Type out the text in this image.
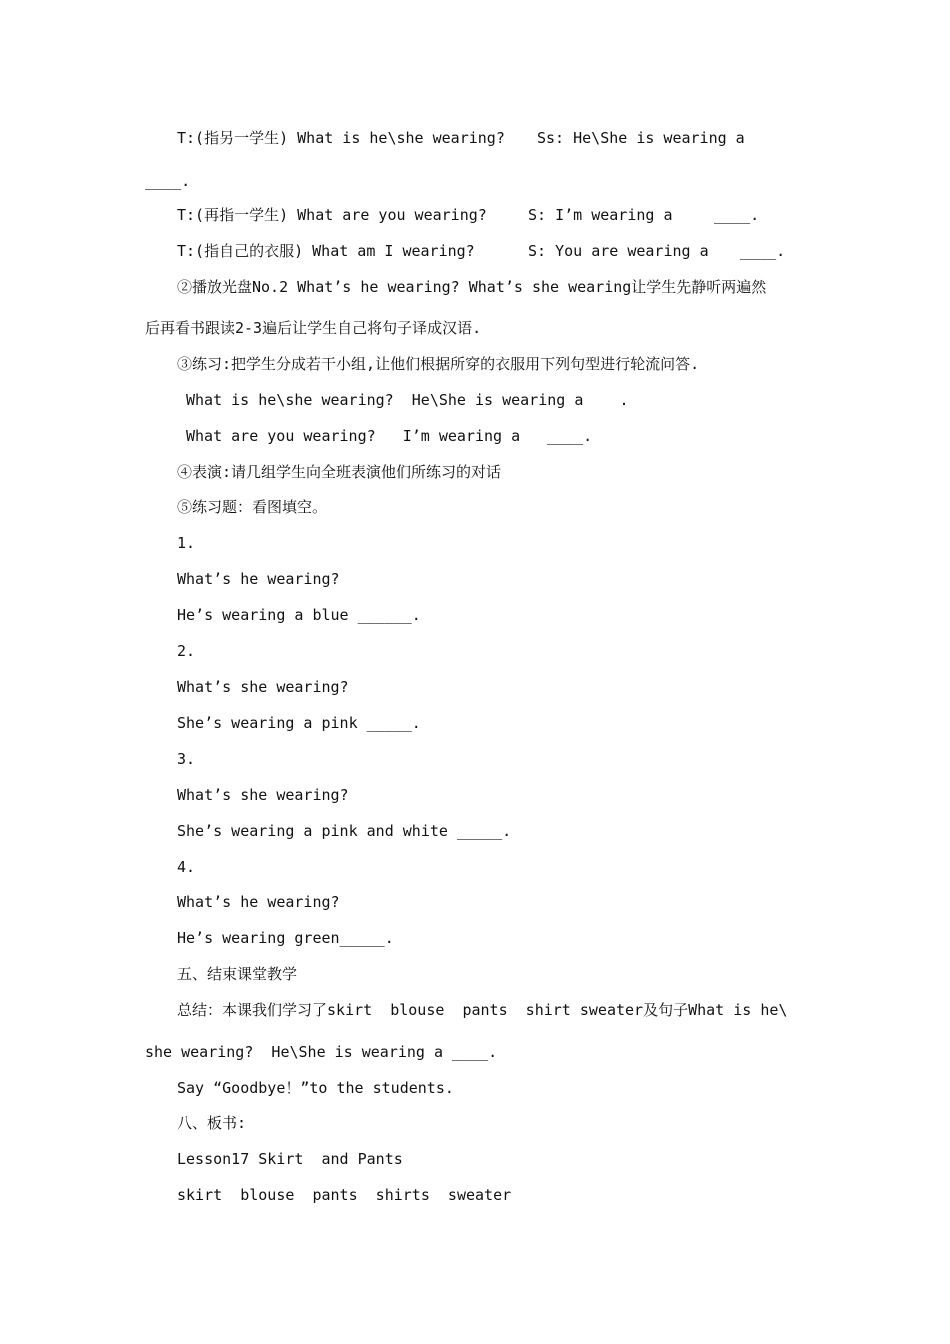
T:(指另一学生) What is he\she wearing? Ss: He\She is wearing a
____.
T:(再指一学生) What are you wearing?	S: I’m wearing a	____.
T:(指自己的衣服) What am I wearing?	S: You are wearing a ____.
②播放光盘No.2 What’s he wearing? What’s she wearing让学生先静听两遍然
后再看书跟读2-3遍后让学生自己将句子译成汉语.
③练习:把学生分成若干小组,让他们根据所穿的衣服用下列句型进行轮流问答.
What is he\she wearing?  He\She is wearing a    .
What are you wearing?   I’m wearing a ____.
④表演:请几组学生向全班表演他们所练习的对话
⑤练习题：看图填空。
1.
What’s he wearing?
He’s wearing a blue ______.
2.
What’s she wearing?
She’s wearing a pink _____.
3.
What’s she wearing?
She’s wearing a pink and white _____.
4.
What’s he wearing?
He’s wearing green_____.
五、结束课堂教学
总结：本课我们学习了skirt  blouse  pants  shirt sweater及句子What is he\
she wearing?  He\She is wearing a ____.
Say “Goodbye！”to the students.
八、板书:
Lesson17 Skirt  and Pants
skirt  blouse  pants  shirts  sweater
